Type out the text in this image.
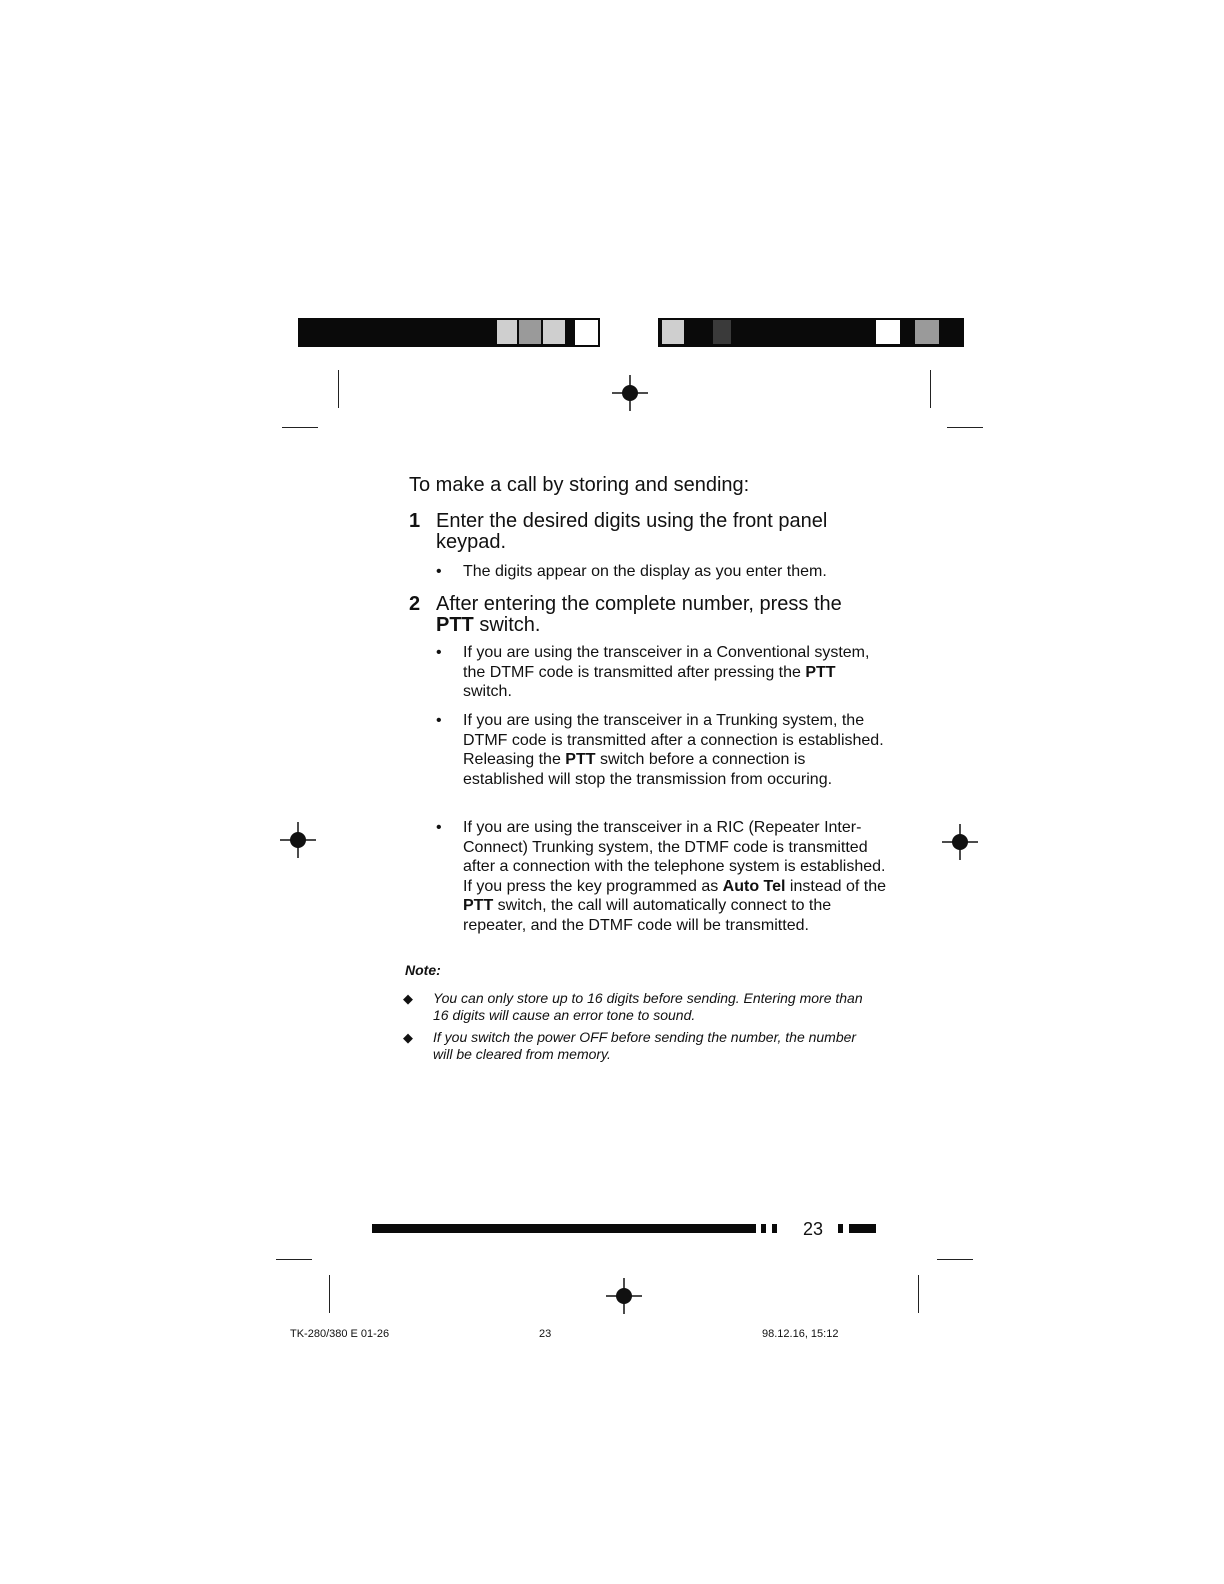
To make a call by storing and sending:
1 Enter the desired digits using the front panel keypad.
• The digits appear on the display as you enter them.
2 After entering the complete number, press the PTT switch.
• If you are using the transceiver in a Conventional system, the DTMF code is transmitted after pressing the PTT switch.
• If you are using the transceiver in a Trunking system, the DTMF code is transmitted after a connection is established. Releasing the PTT switch before a connection is established will stop the transmission from occuring.
• If you are using the transceiver in a RIC (Repeater Inter-Connect) Trunking system, the DTMF code is transmitted after a connection with the telephone system is established. If you press the key programmed as Auto Tel instead of the PTT switch, the call will automatically connect to the repeater, and the DTMF code will be transmitted.
Note:
◆ You can only store up to 16 digits before sending. Entering more than 16 digits will cause an error tone to sound.
◆ If you switch the power OFF before sending the number, the number will be cleared from memory.
23
TK-280/380 E 01-26	23	98.12.16, 15:12
